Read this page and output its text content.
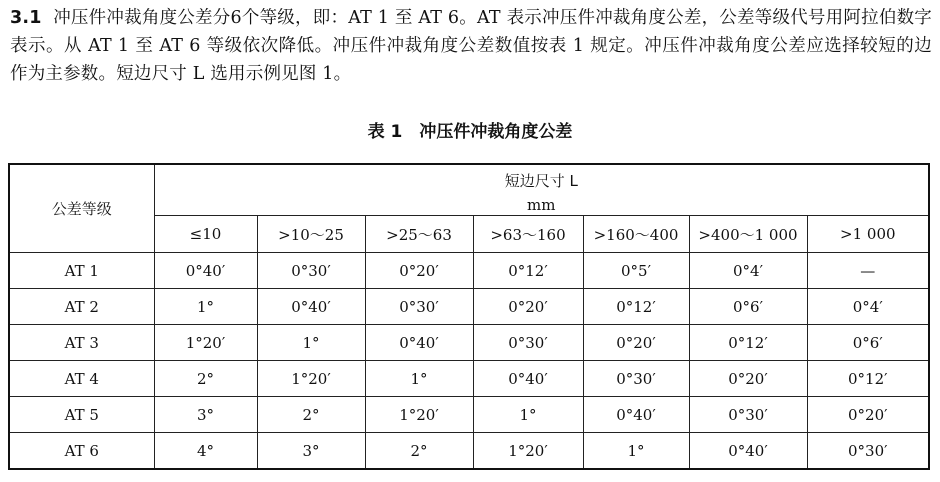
3.1 冲压件冲裁角度公差分6个等级，即：AT 1 至 AT 6。AT 表示冲压件冲裁角度公差，公差等级代号用阿拉伯数字表示。从 AT 1 至 AT 6 等级依次降低。冲压件冲裁角度公差数值按表 1 规定。冲压件冲裁角度公差应选择较短的边作为主参数。短边尺寸 L 选用示例见图 1。
表 1　冲压件冲裁角度公差
公差等级	短边尺寸 L						
	mm						
	≤10	>10～25	>25～63	>63～160	>160～400	>400～1 000	>1 000
AT 1	0°40′	0°30′	0°20′	0°12′	0°5′	0°4′	—
AT 2	1°	0°40′	0°30′	0°20′	0°12′	0°6′	0°4′
AT 3	1°20′	1°	0°40′	0°30′	0°20′	0°12′	0°6′
AT 4	2°	1°20′	1°	0°40′	0°30′	0°20′	0°12′
AT 5	3°	2°	1°20′	1°	0°40′	0°30′	0°20′
AT 6	4°	3°	2°	1°20′	1°	0°40′	0°30′
